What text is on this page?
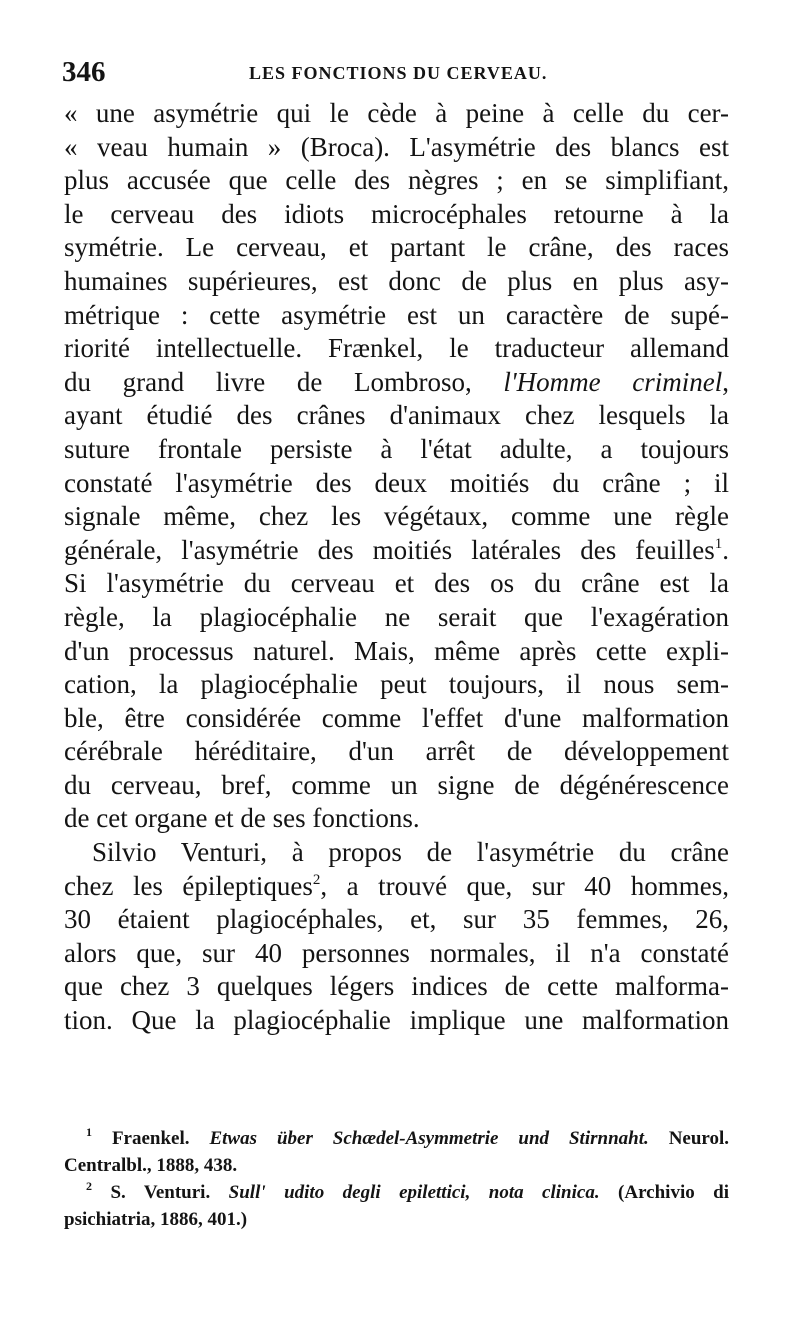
346	LES FONCTIONS DU CERVEAU.
« une asymétrie qui le cède à peine à celle du cer-
« veau humain » (Broca). L'asymétrie des blancs est
plus accusée que celle des nègres ; en se simplifiant,
le cerveau des idiots microcéphales retourne à la
symétrie. Le cerveau, et partant le crâne, des races
humaines supérieures, est donc de plus en plus asy-
métrique : cette asymétrie est un caractère de supé-
riorité intellectuelle. Frænkel, le traducteur allemand
du grand livre de Lombroso, l'Homme criminel,
ayant étudié des crânes d'animaux chez lesquels la
suture frontale persiste à l'état adulte, a toujours
constaté l'asymétrie des deux moitiés du crâne ; il
signale même, chez les végétaux, comme une règle
générale, l'asymétrie des moitiés latérales des feuilles$^1$.
Si l'asymétrie du cerveau et des os du crâne est la
règle, la plagiocéphalie ne serait que l'exagération
d'un processus naturel. Mais, même après cette expli-
cation, la plagiocéphalie peut toujours, il nous sem-
ble, être considérée comme l'effet d'une malformation
cérébrale héréditaire, d'un arrêt de développement
du cerveau, bref, comme un signe de dégénérescence
de cet organe et de ses fonctions.
Silvio Venturi, à propos de l'asymétrie du crâne
chez les épileptiques$^2$, a trouvé que, sur 40 hommes,
30 étaient plagiocéphales, et, sur 35 femmes, 26,
alors que, sur 40 personnes normales, il n'a constaté
que chez 3 quelques légers indices de cette malforma-
tion. Que la plagiocéphalie implique une malformation
$^1$ Fraenkel. Etwas über Schædel-Asymmetrie und Stirnnaht. Neurol.
Centralbl., 1888, 438.
$^2$ S. Venturi. Sull' udito degli epilettici, nota clinica. (Archivio di
psichiatria, 1886, 401.)
